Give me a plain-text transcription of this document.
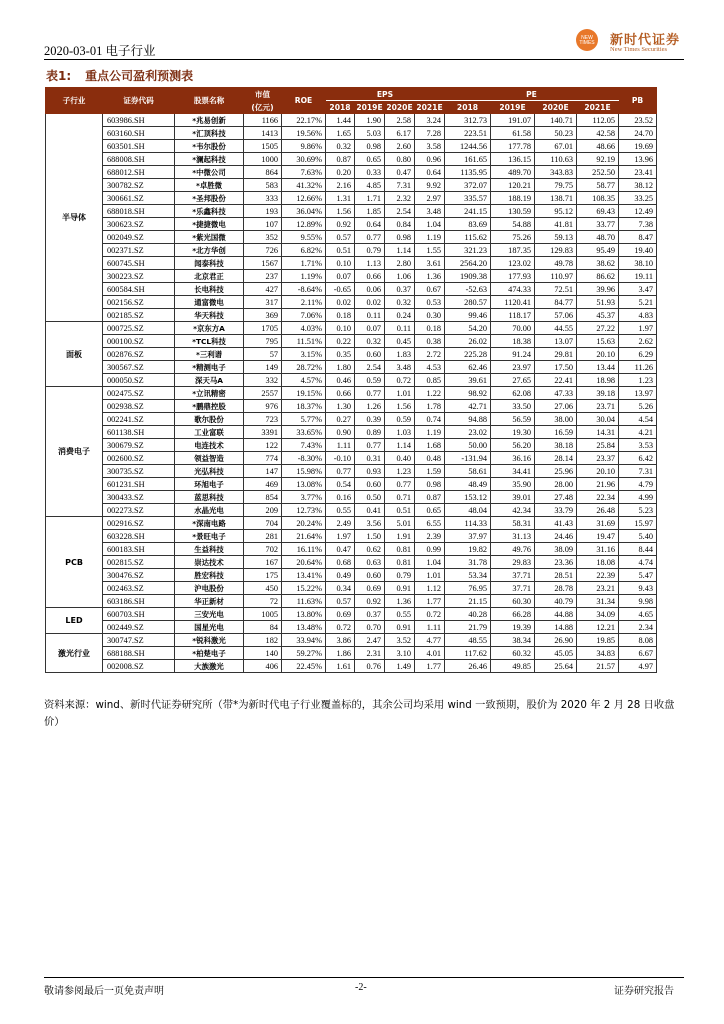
2020-03-01 电子行业
NEW TIMES 新时代证券
New Times Securities
表1: 重点公司盈利预测表
子行业	证券代码	股票名称	市值	ROE	EPS				PE				PB
			(亿元)		2018	2019E	2020E	2021E	2018	2019E	2020E	2021E	
半导体	603986.SH	*兆易创新	1166	22.17%	1.44	1.90	2.58	3.24	312.73	191.07	140.71	112.05	23.52
	603160.SH	*汇顶科技	1413	19.56%	1.65	5.03	6.17	7.28	223.51	61.58	50.23	42.58	24.70
	603501.SH	*韦尔股份	1505	9.86%	0.32	0.98	2.60	3.58	1244.56	177.78	67.01	48.66	19.69
	688008.SH	*澜起科技	1000	30.69%	0.87	0.65	0.80	0.96	161.65	136.15	110.63	92.19	13.96
	688012.SH	*中微公司	864	7.63%	0.20	0.33	0.47	0.64	1135.95	489.70	343.83	252.50	23.41
	300782.SZ	*卓胜微	583	41.32%	2.16	4.85	7.31	9.92	372.07	120.21	79.75	58.77	38.12
	300661.SZ	*圣邦股份	333	12.66%	1.31	1.71	2.32	2.97	335.57	188.19	138.71	108.35	33.25
	688018.SH	*乐鑫科技	193	36.04%	1.56	1.85	2.54	3.48	241.15	130.59	95.12	69.43	12.49
	300623.SZ	*捷捷微电	107	12.89%	0.92	0.64	0.84	1.04	83.69	54.88	41.81	33.77	7.38
	002049.SZ	*紫光国微	352	9.55%	0.57	0.77	0.98	1.19	115.62	75.26	59.13	48.70	8.47
	002371.SZ	*北方华创	726	6.82%	0.51	0.79	1.14	1.55	321.23	187.35	129.83	95.49	19.40
	600745.SH	闻泰科技	1567	1.71%	0.10	1.13	2.80	3.61	2564.20	123.02	49.78	38.62	38.10
	300223.SZ	北京君正	237	1.19%	0.07	0.66	1.06	1.36	1909.38	177.93	110.97	86.62	19.11
	600584.SH	长电科技	427	-8.64%	-0.65	0.06	0.37	0.67	-52.63	474.33	72.51	39.96	3.47
	002156.SZ	通富微电	317	2.11%	0.02	0.02	0.32	0.53	280.57	1120.41	84.77	51.93	5.21
	002185.SZ	华天科技	369	7.06%	0.18	0.11	0.24	0.30	99.46	118.17	57.06	45.37	4.83
面板	000725.SZ	*京东方A	1705	4.03%	0.10	0.07	0.11	0.18	54.20	70.00	44.55	27.22	1.97
	000100.SZ	*TCL科技	795	11.51%	0.22	0.32	0.45	0.38	26.02	18.38	13.07	15.63	2.62
	002876.SZ	*三利谱	57	3.15%	0.35	0.60	1.83	2.72	225.28	91.24	29.81	20.10	6.29
	300567.SZ	*精测电子	149	28.72%	1.80	2.54	3.48	4.53	62.46	23.97	17.50	13.44	11.26
	000050.SZ	深天马A	332	4.57%	0.46	0.59	0.72	0.85	39.61	27.65	22.41	18.98	1.23
消费电子	002475.SZ	*立讯精密	2557	19.15%	0.66	0.77	1.01	1.22	98.92	62.08	47.33	39.18	13.97
	002938.SZ	*鹏鼎控股	976	18.37%	1.30	1.26	1.56	1.78	42.71	33.50	27.06	23.71	5.26
	002241.SZ	歌尔股份	723	5.77%	0.27	0.39	0.59	0.74	94.88	56.59	38.00	30.04	4.54
	601138.SH	工业富联	3391	33.65%	0.90	0.89	1.03	1.19	23.02	19.30	16.59	14.31	4.21
	300679.SZ	电连技术	122	7.43%	1.11	0.77	1.14	1.68	50.00	56.20	38.18	25.84	3.53
	002600.SZ	领益智造	774	-8.30%	-0.10	0.31	0.40	0.48	-131.94	36.16	28.14	23.37	6.42
	300735.SZ	光弘科技	147	15.98%	0.77	0.93	1.23	1.59	58.61	34.41	25.96	20.10	7.31
	601231.SH	环旭电子	469	13.08%	0.54	0.60	0.77	0.98	48.49	35.90	28.00	21.96	4.79
	300433.SZ	蓝思科技	854	3.77%	0.16	0.50	0.71	0.87	153.12	39.01	27.48	22.34	4.99
	002273.SZ	水晶光电	209	12.73%	0.55	0.41	0.51	0.65	48.04	42.34	33.79	26.48	5.23
PCB	002916.SZ	*深南电路	704	20.24%	2.49	3.56	5.01	6.55	114.33	58.31	41.43	31.69	15.97
	603228.SH	*景旺电子	281	21.64%	1.97	1.50	1.91	2.39	37.97	31.13	24.46	19.47	5.40
	600183.SH	生益科技	702	16.11%	0.47	0.62	0.81	0.99	19.82	49.76	38.09	31.16	8.44
	002815.SZ	崇达技术	167	20.64%	0.68	0.63	0.81	1.04	31.78	29.83	23.36	18.08	4.74
	300476.SZ	胜宏科技	175	13.41%	0.49	0.60	0.79	1.01	53.34	37.71	28.51	22.39	5.47
	002463.SZ	沪电股份	450	15.22%	0.34	0.69	0.91	1.12	76.95	37.71	28.78	23.21	9.43
	603186.SH	华正新材	72	11.63%	0.57	0.92	1.36	1.77	21.15	60.30	40.79	31.34	9.98
LED	600703.SH	三安光电	1005	13.80%	0.69	0.37	0.55	0.72	40.28	66.28	44.88	34.09	4.65
	002449.SZ	国星光电	84	13.48%	0.72	0.70	0.91	1.11	21.79	19.39	14.88	12.21	2.34
激光行业	300747.SZ	*锐科激光	182	33.94%	3.86	2.47	3.52	4.77	48.55	38.34	26.90	19.85	8.08
	688188.SH	*柏楚电子	140	59.27%	1.86	2.31	3.10	4.01	117.62	60.32	45.05	34.83	6.67
	002008.SZ	大族激光	406	22.45%	1.61	0.76	1.49	1.77	26.46	49.85	25.64	21.57	4.97
资料来源：wind、新时代证券研究所（带*为新时代电子行业覆盖标的，其余公司均采用 wind 一致预期，股价为 2020 年 2 月 28 日收盘价）
敬请参阅最后一页免责声明	-2-	证券研究报告
